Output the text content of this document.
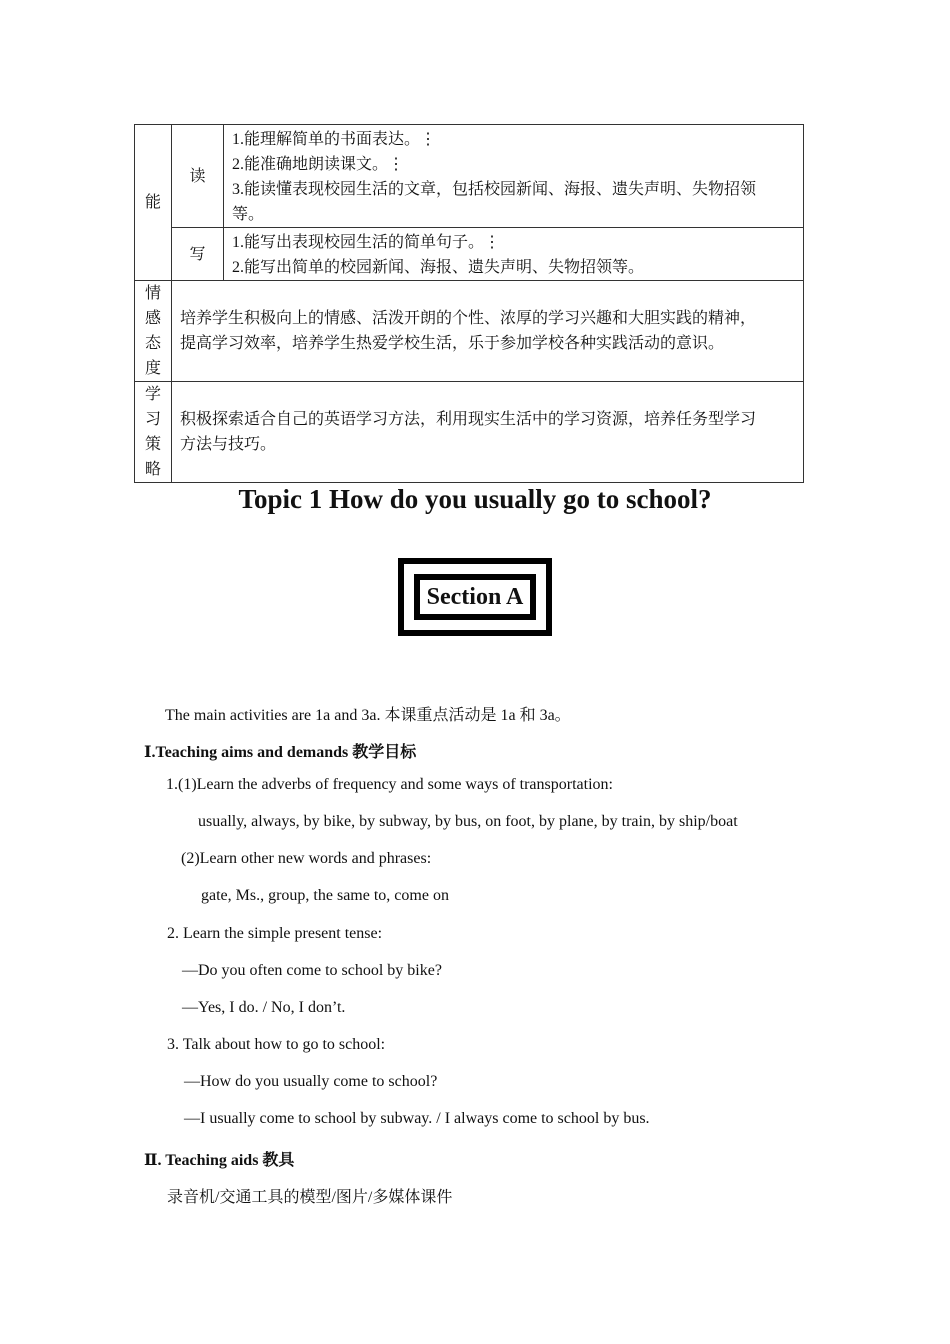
能	读	1.能理解简单的书面表达。⋮
2.能准确地朗读课文。⋮
3.能读懂表现校园生活的文章，包括校园新闻、海报、遗失声明、失物招领
等。

	写	1.能写出表现校园生活的简单句子。⋮
2.能写出简单的校园新闻、海报、遗失声明、失物招领等。

情
感
态
度	培养学生积极向上的情感、活泼开朗的个性、浓厚的学习兴趣和大胆实践的精神，
提高学习效率，培养学生热爱学校生活，乐于参加学校各种实践活动的意识。	

学
习
策
略	积极探索适合自己的英语学习方法，利用现实生活中的学习资源，培养任务型学习
方法与技巧。	
Topic 1 How do you usually go to school?
Section A
The main activities are 1a and 3a. 本课重点活动是 1a 和 3a。
Ⅰ.Teaching aims and demands 教学目标
1.(1)Learn the adverbs of frequency and some ways of transportation:
usually, always, by bike, by subway, by bus, on foot, by plane, by train, by ship/boat
(2)Learn other new words and phrases:
gate, Ms., group, the same to, come on
2. Learn the simple present tense:
—Do you often come to school by bike?
—Yes, I do. / No, I don’t.
3. Talk about how to go to school:
—How do you usually come to school?
—I usually come to school by subway. / I always come to school by bus.
Ⅱ. Teaching aids 教具
录音机/交通工具的模型/图片/多媒体课件
